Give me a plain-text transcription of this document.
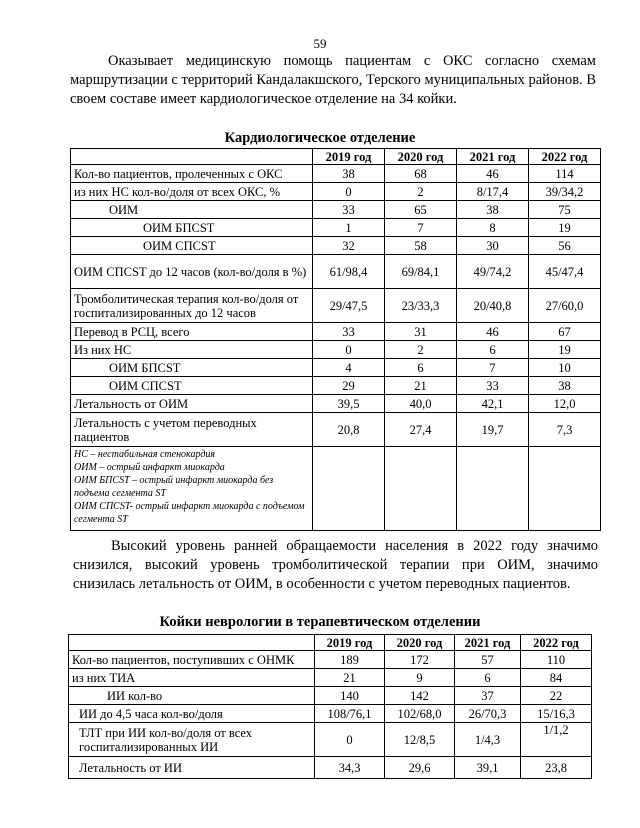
59
Оказывает медицинскую помощь пациентам с ОКС согласно схемам маршрутизации с территорий Кандалакшского, Терского муниципальных районов. В своем составе имеет кардиологическое отделение на 34 койки.
Кардиологическое отделение
	2019 год	2020 год	2021 год	2022 год
Кол-во пациентов, пролеченных с ОКС	38	68	46	114
из них НС кол-во/доля от всех ОКС, %	0	2	8/17,4	39/34,2
ОИМ	33	65	38	75
ОИМ БПСST	1	7	8	19
ОИМ СПСST	32	58	30	56
ОИМ СПСST до 12 часов (кол-во/доля в %)	61/98,4	69/84,1	49/74,2	45/47,4
Тромболитическая терапия кол-во/доля от госпитализированных до 12 часов	29/47,5	23/33,3	20/40,8	27/60,0
Перевод в РСЦ, всего	33	31	46	67
Из них НС	0	2	6	19
ОИМ БПСST	4	6	7	10
ОИМ СПСST	29	21	33	38
Летальность от ОИМ	39,5	40,0	42,1	12,0
Летальность с учетом переводных пациентов	20,8	27,4	19,7	7,3

НС – нестабильная стенокардия
ОИМ – острый инфаркт миокарда
ОИМ БПСST – острый инфаркт миокарда без подъема сегмента ST
ОИМ СПСST- острый инфаркт миокарда с подъемом сегмента ST				

Высокий уровень ранней обращаемости населения в 2022 году значимо снизился, высокий уровень тромболитической терапии при ОИМ, значимо снизилась летальность от ОИМ, в особенности с учетом переводных пациентов.
Койки неврологии в терапевтическом отделении
	2019 год	2020 год	2021 год	2022 год
Кол-во пациентов, поступивших с ОНМК	189	172	57	110
из них ТИА	21	9	6	84
ИИ кол-во	140	142	37	22
ИИ до 4,5 часа кол-во/доля	108/76,1	102/68,0	26/70,3	15/16,3
ТЛТ при ИИ кол-во/доля от всех госпитализированных ИИ	0	12/8,5	1/4,3	1/1,2
Летальность от ИИ	34,3	29,6	39,1	23,8
